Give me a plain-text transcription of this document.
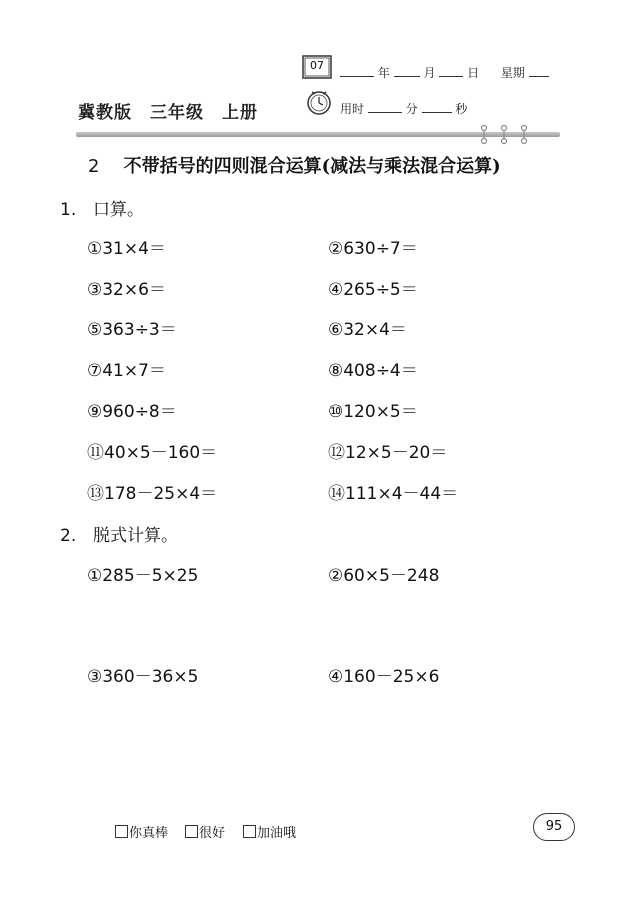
07
年	月	日 星期
冀教版　三年级　上册	用时	分	秒
2 不带括号的四则混合运算(减法与乘法混合运算)
1. 口算。
①31×4＝	②630÷7＝
③32×6＝	④265÷5＝
⑤363÷3＝	⑥32×4＝
⑦41×7＝	⑧408÷4＝
⑨960÷8＝	⑩120×5＝
⑪40×5－160＝	⑫12×5－20＝
⑬178－25×4＝	⑭111×4－44＝
2. 脱式计算。
①285－5×25	②60×5－248
③360－36×5	④160－25×6
你真棒	很好	加油哦	95
